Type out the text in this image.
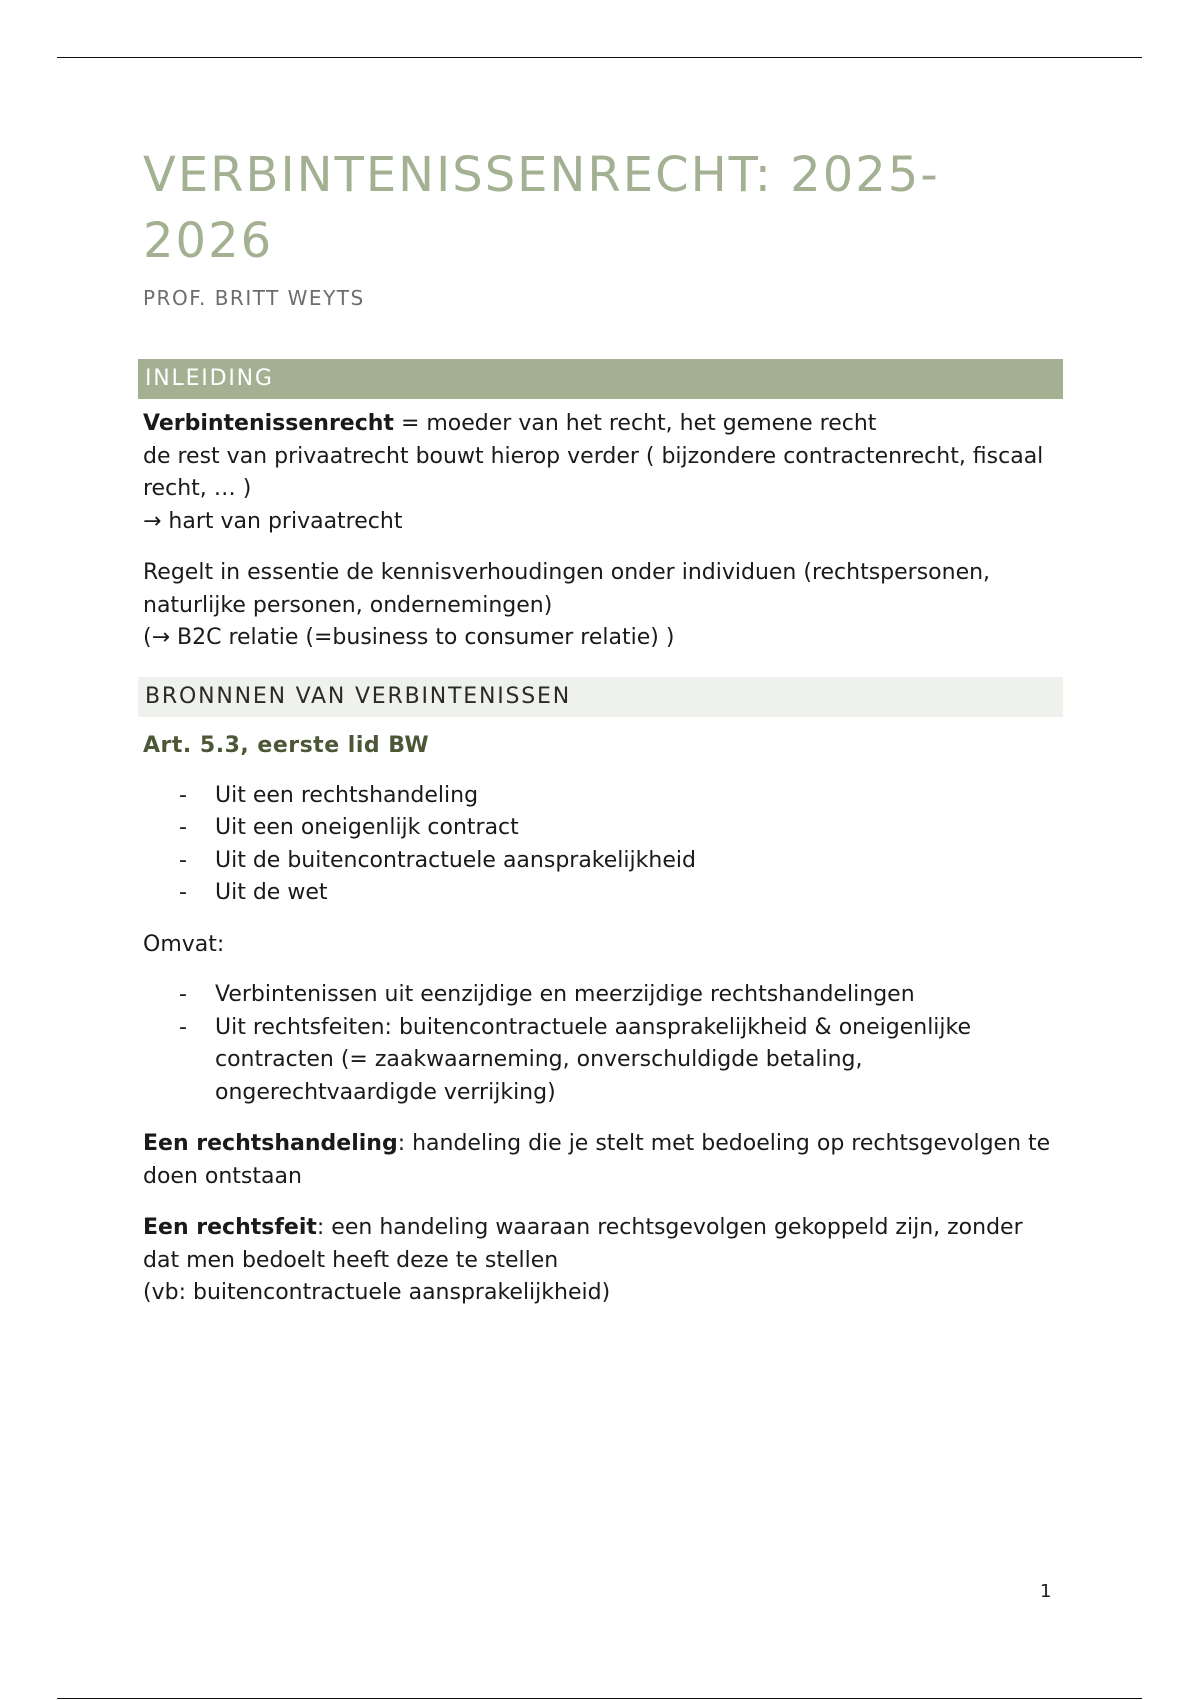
VERBINTENISSENRECHT: 2025-2026
PROF. BRITT WEYTS
INLEIDING

Verbintenissenrecht = moeder van het recht, het gemene recht
de rest van privaatrecht bouwt hierop verder ( bijzondere contractenrecht, fiscaal recht, … )
→ hart van privaatrecht

Regelt in essentie de kennisverhoudingen onder individuen (rechtspersonen, naturlijke personen, ondernemingen)
(→ B2C relatie (=business to consumer relatie) )

BRONNNEN VAN VERBINTENISSEN
Art. 5.3, eerste lid BW
- Uit een rechtshandeling
- Uit een oneigenlijk contract
- Uit de buitencontractuele aansprakelijkheid
- Uit de wet

Omvat:

- Verbintenissen uit eenzijdige en meerzijdige rechtshandelingen
- Uit rechtsfeiten: buitencontractuele aansprakelijkheid & oneigenlijke contracten (= zaakwaarneming, onverschuldigde betaling, ongerechtvaardigde verrijking)

Een rechtshandeling: handeling die je stelt met bedoeling op rechtsgevolgen te doen ontstaan

Een rechtsfeit: een handeling waaraan rechtsgevolgen gekoppeld zijn, zonder dat men bedoelt heeft deze te stellen
(vb: buitencontractuele aansprakelijkheid)

1
